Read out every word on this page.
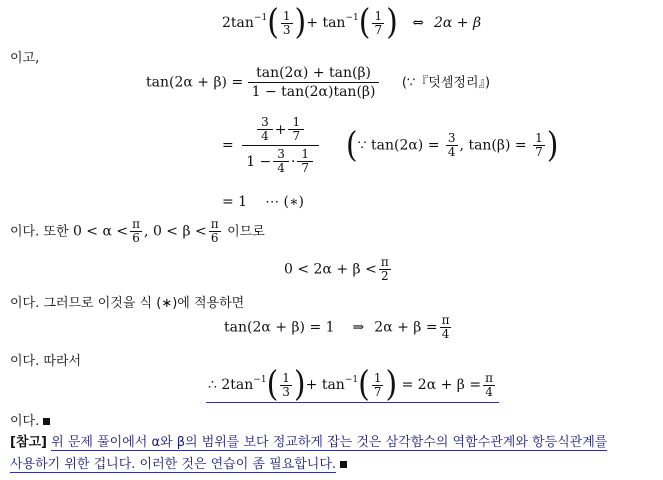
$2\tan^{-1}( \frac{1}{3}$ )+ $\tan^{-1}( \frac{1}{7}$ ) ⇔ 2α + β
이고,
$\tan(2\alpha + \beta) = \frac{\tan(2\alpha) + \tan(\beta)}{1 - \tan(2\alpha)\tan(\beta)}$ (∵『덧셈정리』)
= $\frac{\frac{3}{4} + \frac{1}{7}}{1 - \frac{3}{4} \cdot \frac{1}{7}}$ (∵ $\tan(2\alpha) = \frac{3}{4}$ , $\tan(\beta) = \frac{1}{7}$ )
= 1 ⋯ (∗)
이다. 또한 $0 < \alpha < \frac{\pi}{6}$ , $0 < \beta < \frac{\pi}{6}$ 이므로
$0 < 2\alpha + \beta < \frac{\pi}{2}$
이다. 그러므로 이것을 식 (∗)에 적용하면
tan(2α + β) = 1 ⇒ $2\alpha + \beta = \frac{\pi}{4}$
이다. 따라서
∴ $2\tan^{-1}( \frac{1}{3}$ )+ $\tan^{-1}( \frac{1}{7}$ ) = $2\alpha + \beta = \frac{\pi}{4}$
이다.
[참고] 위 문제 풀이에서 α와 β의 범위를 보다 정교하게 잡는 것은 삼각함수의 역함수관계와 항등식관계를
사용하기 위한 겁니다. 이러한 것은 연습이 좀 필요합니다.
